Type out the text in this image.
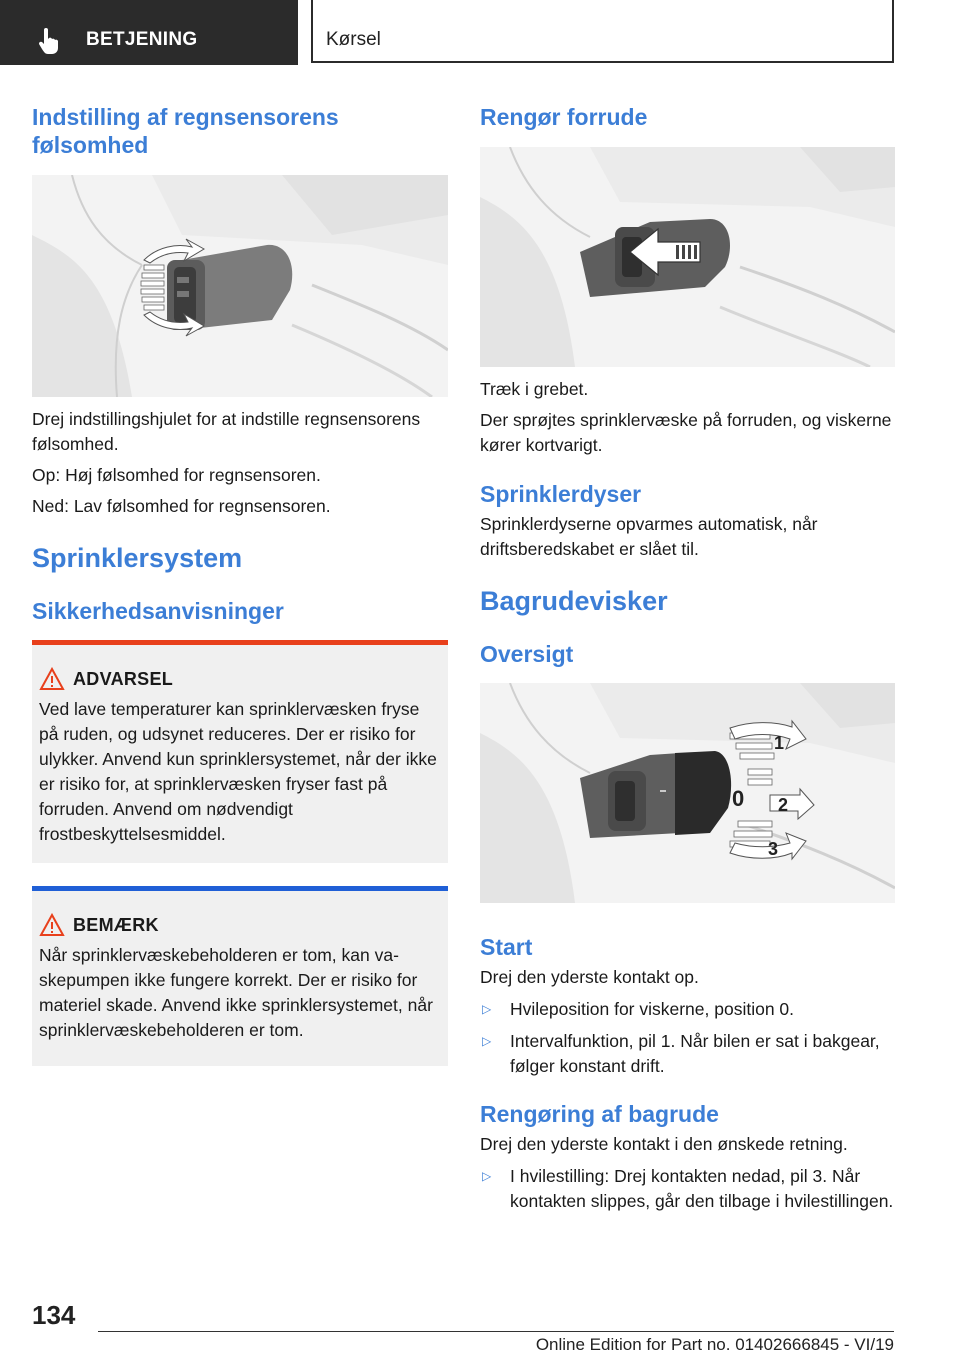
BETJENING	Kørsel
Indstilling af regnsensorens følsomhed

Drej indstillingshjulet for at indstille regnsensorens følsomhed.

Op: Høj følsomhed for regnsensoren.

Ned: Lav følsomhed for regnsensoren.

Sprinklersystem
Sikkerhedsanvisninger
ADVARSEL

Ved lave temperaturer kan sprinklervæsken fryse på ruden, og udsynet reduceres. Der er risiko for ulykker. Anvend kun sprinklersystemet, når der ikke er risiko for, at sprinklervæsken fryser fast på forruden. Anvend om nødvendigt frostbeskyttelsesmiddel.

BEMÆRK

Når sprinklervæskebeholderen er tom, kan vaskepumpen ikke fungere korrekt. Der er risiko for materiel skade. Anvend ikke sprinklersystemet, når sprinklervæskebeholderen er tom.

Rengør forrude

Træk i grebet.

Der sprøjtes sprinklervæske på forruden, og viskerne kører kortvarigt.

Sprinklerdyser

Sprinklerdyserne opvarmes automatisk, når driftsberedskabet er slået til.

Bagrudevisker
Oversigt
1
0 2
3
Start

Drej den yderste kontakt op.

▷	Hvileposition for viskerne, position 0.
▷	Intervalfunktion, pil 1. Når bilen er sat i bakgear, følger konstant drift.
Rengøring af bagrude

Drej den yderste kontakt i den ønskede retning.

▷	I hvilestilling: Drej kontakten nedad, pil 3. Når kontakten slippes, går den tilbage i hvilestillingen.
134
Online Edition for Part no. 01402666845 - VI/19
